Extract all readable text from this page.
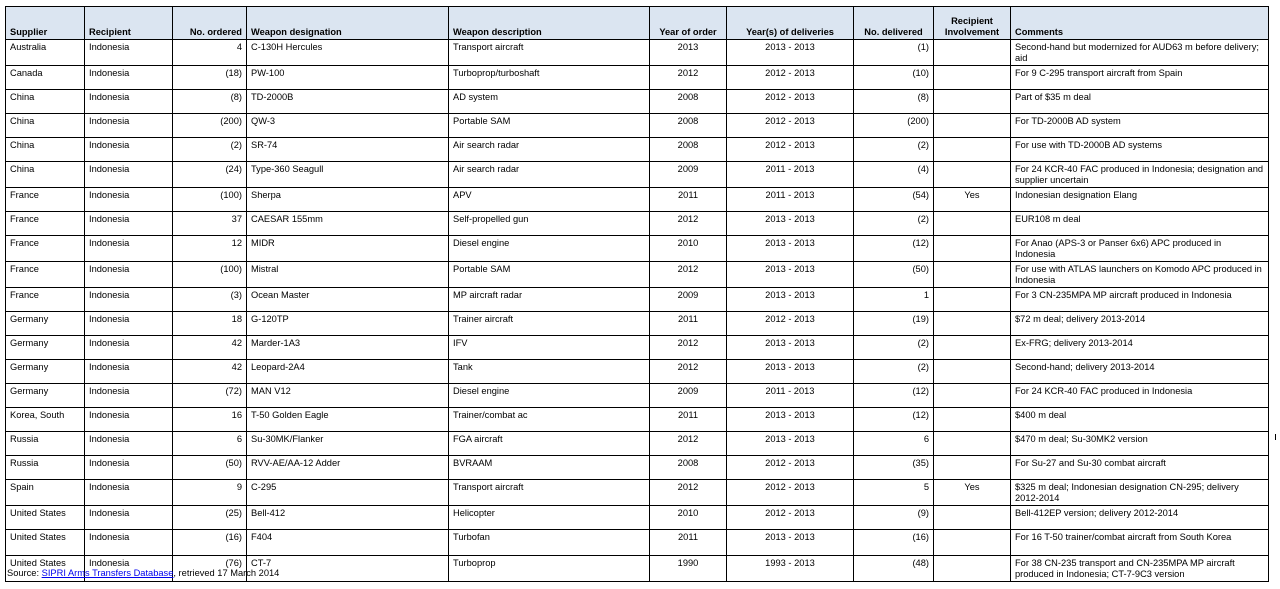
Supplier	Recipient	No. ordered	Weapon designation	Weapon description	Year of order	Year(s) of deliveries	No. delivered	Recipient Involvement	Comments
Australia	Indonesia	4	C-130H Hercules	Transport aircraft	2013	2013 - 2013	(1)		Second-hand but modernized for AUD63 m before delivery; aid
Canada	Indonesia	(18)	PW-100	Turboprop/turboshaft	2012	2012 - 2013	(10)		For 9 C-295 transport aircraft from Spain
China	Indonesia	(8)	TD-2000B	AD system	2008	2012 - 2013	(8)		Part of $35 m deal
China	Indonesia	(200)	QW-3	Portable SAM	2008	2012 - 2013	(200)		For TD-2000B AD system
China	Indonesia	(2)	SR-74	Air search radar	2008	2012 - 2013	(2)		For use with TD-2000B AD systems
China	Indonesia	(24)	Type-360 Seagull	Air search radar	2009	2011 - 2013	(4)		For 24 KCR-40 FAC produced in Indonesia; designation and supplier uncertain
France	Indonesia	(100)	Sherpa	APV	2011	2011 - 2013	(54)	Yes	Indonesian designation Elang
France	Indonesia	37	CAESAR 155mm	Self-propelled gun	2012	2013 - 2013	(2)		EUR108 m deal
France	Indonesia	12	MIDR	Diesel engine	2010	2013 - 2013	(12)		For Anao (APS-3 or Panser 6x6) APC produced in Indonesia
France	Indonesia	(100)	Mistral	Portable SAM	2012	2013 - 2013	(50)		For use with ATLAS launchers on Komodo APC produced in Indonesia
France	Indonesia	(3)	Ocean Master	MP aircraft radar	2009	2013 - 2013	1		For 3 CN-235MPA MP aircraft produced in Indonesia
Germany	Indonesia	18	G-120TP	Trainer aircraft	2011	2012 - 2013	(19)		$72 m deal; delivery 2013-2014
Germany	Indonesia	42	Marder-1A3	IFV	2012	2013 - 2013	(2)		Ex-FRG; delivery 2013-2014
Germany	Indonesia	42	Leopard-2A4	Tank	2012	2013 - 2013	(2)		Second-hand; delivery 2013-2014
Germany	Indonesia	(72)	MAN V12	Diesel engine	2009	2011 - 2013	(12)		For 24 KCR-40 FAC produced in Indonesia
Korea, South	Indonesia	16	T-50 Golden Eagle	Trainer/combat ac	2011	2013 - 2013	(12)		$400 m deal
Russia	Indonesia	6	Su-30MK/Flanker	FGA aircraft	2012	2013 - 2013	6		$470 m deal; Su-30MK2 version
Russia	Indonesia	(50)	RVV-AE/AA-12 Adder	BVRAAM	2008	2012 - 2013	(35)		For Su-27 and Su-30 combat aircraft
Spain	Indonesia	9	C-295	Transport aircraft	2012	2012 - 2013	5	Yes	$325 m deal; Indonesian designation CN-295; delivery 2012-2014
United States	Indonesia	(25)	Bell-412	Helicopter	2010	2012 - 2013	(9)		Bell-412EP version; delivery 2012-2014
United States	Indonesia	(16)	F404	Turbofan	2011	2013 - 2013	(16)		For 16 T-50 trainer/combat aircraft from South Korea
United States	Indonesia	(76)	CT-7	Turboprop	1990	1993 - 2013	(48)		For 38 CN-235 transport and CN-235MPA MP aircraft produced in Indonesia; CT-7-9C3 version
Source: SIPRI Arms Transfers Database, retrieved 17 March 2014
